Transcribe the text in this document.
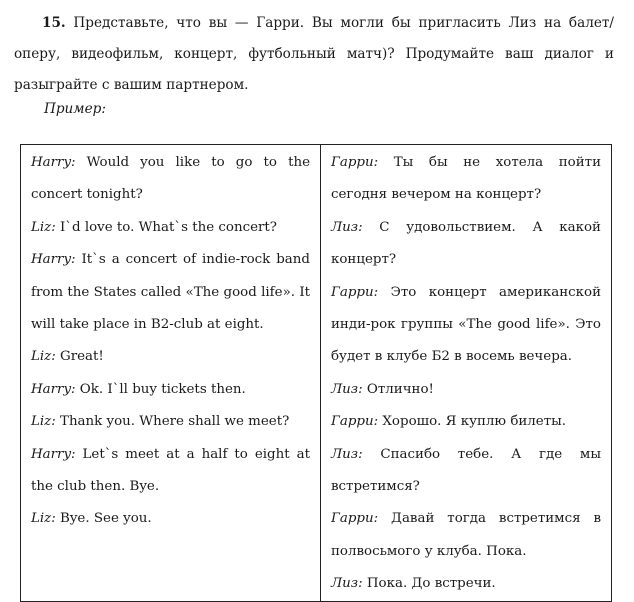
15. Представьте, что вы — Гарри. Вы могли бы пригласить Лиз на балет/оперу, видеофильм, концерт, футбольный матч)? Продумайте ваш диалог и разыграйте с вашим партнером.

Пример:

Harry: Would you like to go to the concert tonight?

Liz: I`d love to. What`s the concert?

Harry: It`s a concert of indie-rock band from the States called «The good life». It will take place in B2-club at eight.

Liz: Great!

Harry: Ok. I`ll buy tickets then.

Liz: Thank you. Where shall we meet?

Harry: Let`s meet at a half to eight at the club then. Bye.

Liz: Bye. See you.

Гарри: Ты бы не хотела пойти сегодня вечером на концерт?

Лиз: С удовольствием. А какой концерт?

Гарри: Это концерт американской инди-рок группы «The good life». Это будет в клубе Б2 в восемь вечера.

Лиз: Отлично!

Гарри: Хорошо. Я куплю билеты.

Лиз: Спасибо тебе. А где мы встретимся?

Гарри: Давай тогда встретимся в полвосьмого у клуба. Пока.

Лиз: Пока. До встречи.
